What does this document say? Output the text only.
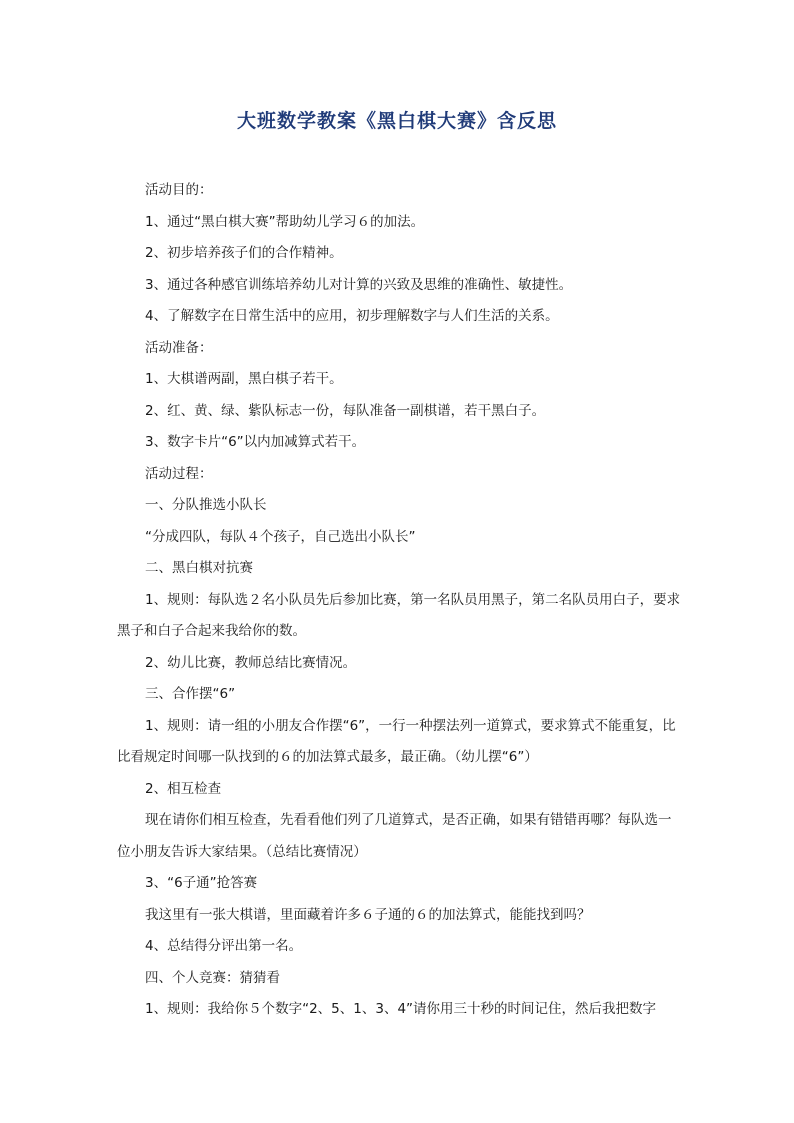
大班数学教案《黑白棋大赛》含反思

活动目的：

1、通过“黑白棋大赛”帮助幼儿学习６的加法。

2、初步培养孩子们的合作精神。

3、通过各种感官训练培养幼儿对计算的兴致及思维的准确性、敏捷性。

4、了解数字在日常生活中的应用，初步理解数字与人们生活的关系。

活动准备：

1、大棋谱两副，黑白棋子若干。

2、红、黄、绿、紫队标志一份，每队准备一副棋谱，若干黑白子。

3、数字卡片“6”以内加减算式若干。

活动过程：

一、分队推选小队长

“分成四队，每队４个孩子，自己选出小队长”

二、黑白棋对抗赛

1、规则：每队选２名小队员先后参加比赛，第一名队员用黑子，第二名队员用白子，要求黑子和白子合起来我给你的数。

2、幼儿比赛，教师总结比赛情况。

三、合作摆“6”

1、规则：请一组的小朋友合作摆“6”，一行一种摆法列一道算式，要求算式不能重复，比比看规定时间哪一队找到的６的加法算式最多，最正确。（幼儿摆“6”）

2、相互检查

现在请你们相互检查，先看看他们列了几道算式，是否正确，如果有错错再哪？每队选一位小朋友告诉大家结果。（总结比赛情况）

3、“6子通”抢答赛

我这里有一张大棋谱，里面藏着许多６子通的６的加法算式，能能找到吗？

4、总结得分评出第一名。

四、个人竞赛：猜猜看

1、规则：我给你５个数字“2、5、1、3、4”请你用三十秒的时间记住，然后我把数字
